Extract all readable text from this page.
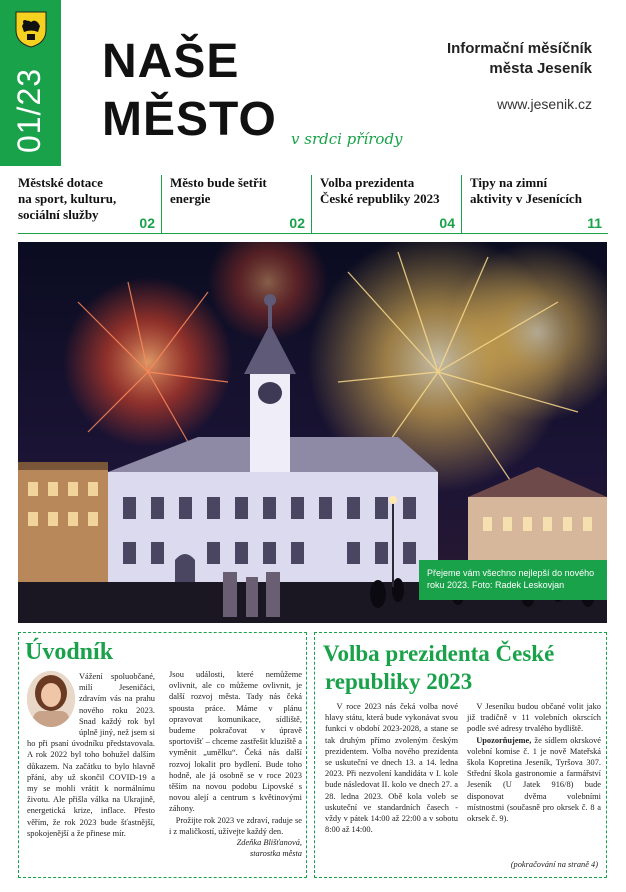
01/23
NAŠE
MĚSTO v srdci přírody
Informační měsíčník
města Jeseník
www.jesenik.cz
Městské dotace
na sport, kulturu,
sociální služby
02
Město bude šetřit
energie
02
Volba prezidenta
České republiky 2023
04
Tipy na zimní
aktivity v Jesenících
11
Přejeme vám všechno nejlepší do nového
roku 2023. Foto: Radek Leskovjan
Úvodník
Vážení spoluobčané, milí Jeseničáci, zdravím vás na prahu nového roku 2023. Snad každý rok byl úplně jiný, než jsem si ho při psaní úvodníku představovala. A rok 2022 byl toho bohužel dalším důkazem. Na začátku to bylo hlavně přání, aby už skončil COVID-19 a my se mohli vrátit k normálnímu životu. Ale přišla válka na Ukrajině, energetická krize, inflace. Přesto věřím, že rok 2023 bude šťastnější, spokojenější a že přinese mír.
Jsou události, které nemůžeme ovlivnit, ale co můžeme ovlivnit, je další rozvoj města. Tady nás čeká spousta práce. Máme v plánu opravovat komunikace, sídliště, budeme pokračovat v úpravě sportovišť – chceme zastřešit kluziště a vyměnit „umělku“. Čeká nás další rozvoj lokalit pro bydlení. Bude toho hodně, ale já osobně se v roce 2023 těším na novou podobu Lipovské s novou alejí a centrum s květinovými záhony.
Prožijte rok 2023 ve zdraví, raduje se i z maličkostí, užívejte každý den.
Zdeňka Blišťanová,
starostka města
Volba prezidenta České
republiky 2023
V roce 2023 nás čeká volba nové hlavy státu, která bude vykonávat svou funkci v období 2023-2028, a stane se tak druhým přímo zvoleným českým prezidentem. Volba nového prezidenta se uskuteční ve dnech 13. a 14. ledna 2023. Při nezvolení kandidáta v I. kole bude následovat II. kolo ve dnech 27. a 28. ledna 2023. Obě kola voleb se uskuteční ve standardních časech - vždy v pátek 14:00 až 22:00 a v sobotu 8:00 až 14:00.
V Jeseníku budou občané volit jako již tradičně v 11 volebních okrscích podle své adresy trvalého bydliště.
Upozorňujeme, že sídlem okrskové volební komise č. 1 je nově Mateřská škola Kopretina Jeseník, Tyršova 307. Střední škola gastronomie a farmářství Jeseník (U Jatek 916/8) bude disponovat dvěma volebními místnostmi (současně pro okrsek č. 8 a okrsek č. 9).
(pokračování na straně 4)
